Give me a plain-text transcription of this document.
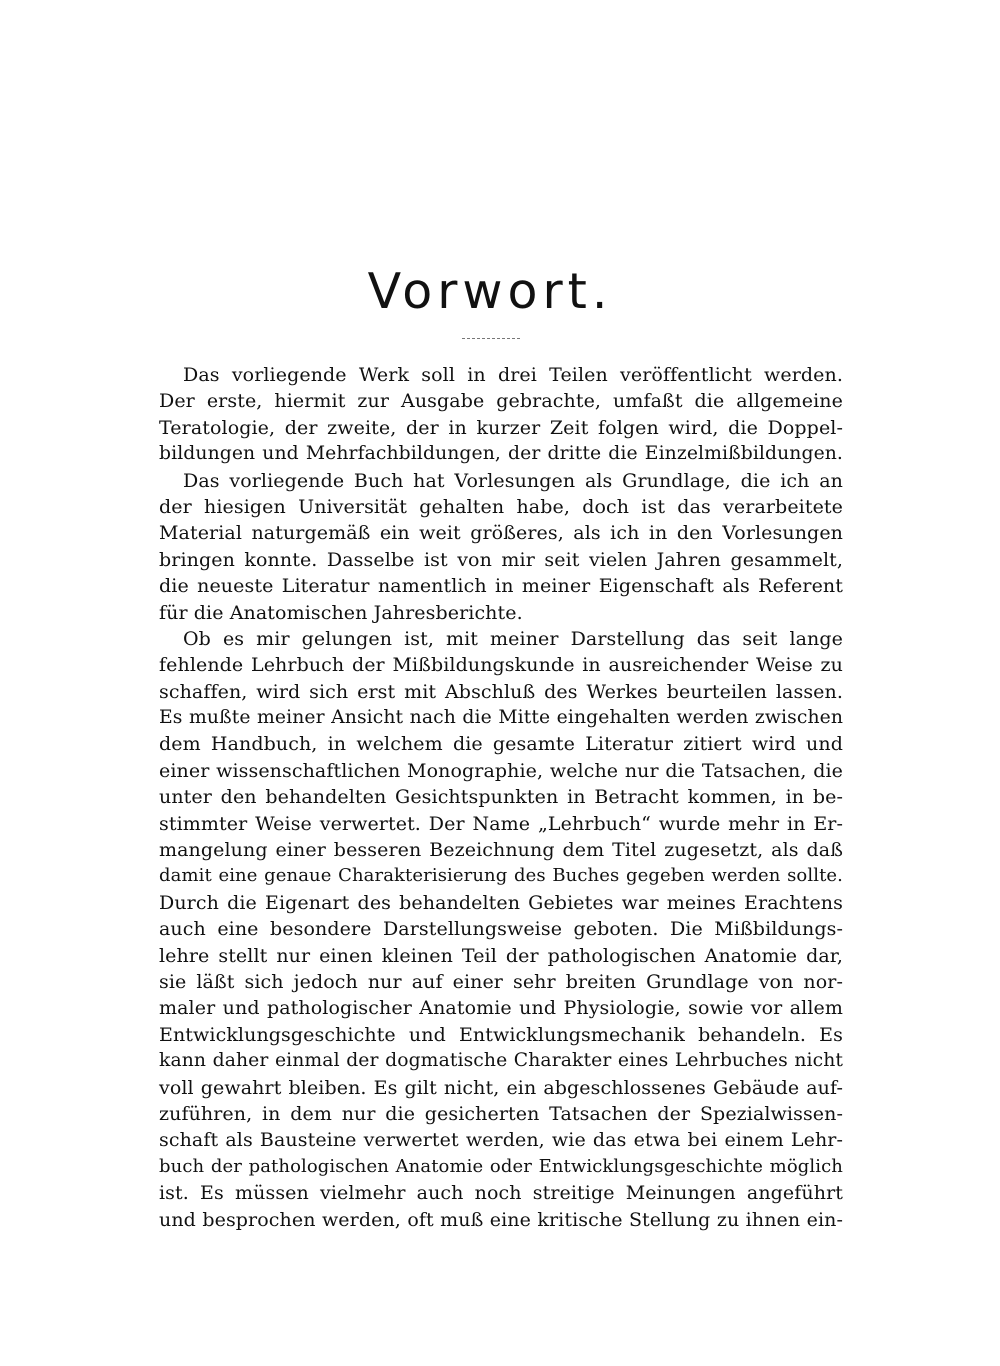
Vorwort.
Das vorliegende Werk soll in drei Teilen veröffentlicht werden.
Der erste, hiermit zur Ausgabe gebrachte, umfaßt die allgemeine
Teratologie, der zweite, der in kurzer Zeit folgen wird, die Doppel-
bildungen und Mehrfachbildungen, der dritte die Einzelmißbildungen.
Das vorliegende Buch hat Vorlesungen als Grundlage, die ich an
der hiesigen Universität gehalten habe, doch ist das verarbeitete
Material naturgemäß ein weit größeres, als ich in den Vorlesungen
bringen konnte. Dasselbe ist von mir seit vielen Jahren gesammelt,
die neueste Literatur namentlich in meiner Eigenschaft als Referent
für die Anatomischen Jahresberichte.
Ob es mir gelungen ist, mit meiner Darstellung das seit lange
fehlende Lehrbuch der Mißbildungskunde in ausreichender Weise zu
schaffen, wird sich erst mit Abschluß des Werkes beurteilen lassen.
Es mußte meiner Ansicht nach die Mitte eingehalten werden zwischen
dem Handbuch, in welchem die gesamte Literatur zitiert wird und
einer wissenschaftlichen Monographie, welche nur die Tatsachen, die
unter den behandelten Gesichtspunkten in Betracht kommen, in be-
stimmter Weise verwertet. Der Name „Lehrbuch“ wurde mehr in Er-
mangelung einer besseren Bezeichnung dem Titel zugesetzt, als daß
damit eine genaue Charakterisierung des Buches gegeben werden sollte.
Durch die Eigenart des behandelten Gebietes war meines Erachtens
auch eine besondere Darstellungsweise geboten. Die Mißbildungs-
lehre stellt nur einen kleinen Teil der pathologischen Anatomie dar,
sie läßt sich jedoch nur auf einer sehr breiten Grundlage von nor-
maler und pathologischer Anatomie und Physiologie, sowie vor allem
Entwicklungsgeschichte und Entwicklungsmechanik behandeln. Es
kann daher einmal der dogmatische Charakter eines Lehrbuches nicht
voll gewahrt bleiben. Es gilt nicht, ein abgeschlossenes Gebäude auf-
zuführen, in dem nur die gesicherten Tatsachen der Spezialwissen-
schaft als Bausteine verwertet werden, wie das etwa bei einem Lehr-
buch der pathologischen Anatomie oder Entwicklungsgeschichte möglich
ist. Es müssen vielmehr auch noch streitige Meinungen angeführt
und besprochen werden, oft muß eine kritische Stellung zu ihnen ein-
